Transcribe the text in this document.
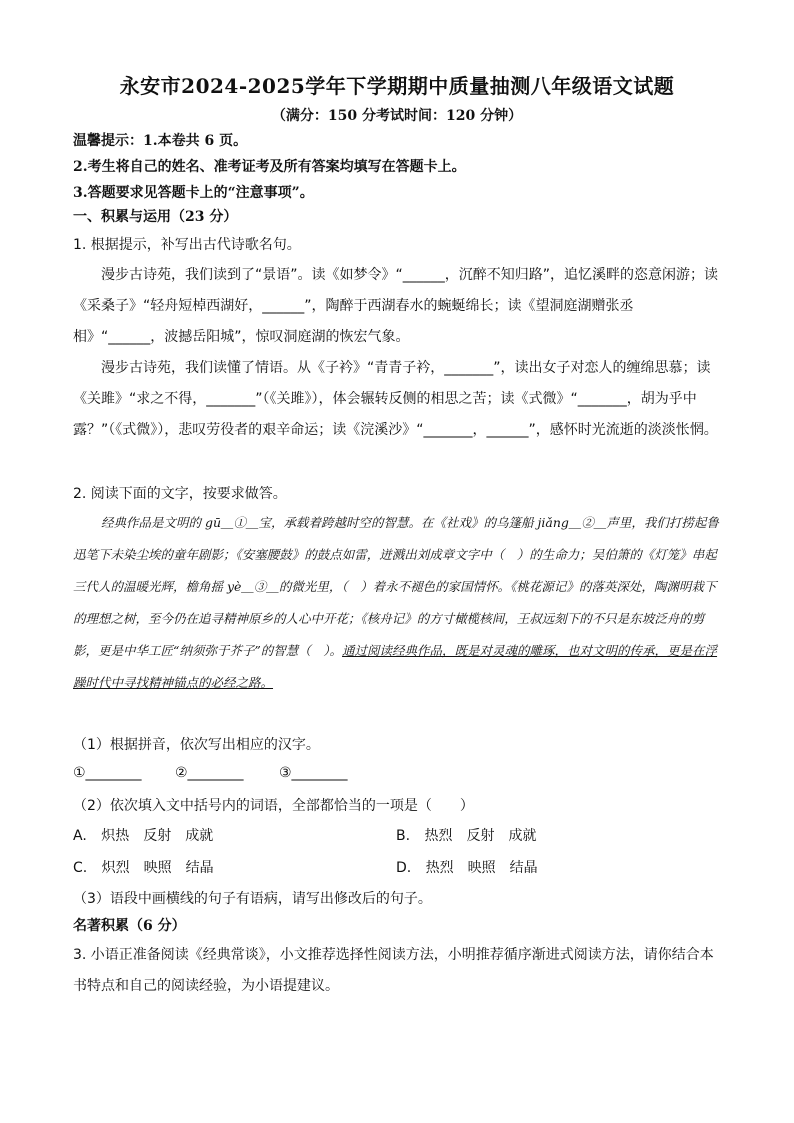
永安市2024-2025学年下学期期中质量抽测八年级语文试题
（满分：150 分考试时间：120 分钟）
温馨提示：1.本卷共 6 页。
2.考生将自己的姓名、准考证考及所有答案均填写在答题卡上。
3.答题要求见答题卡上的“注意事项”。
一、积累与运用（23 分）
1. 根据提示，补写出古代诗歌名句。
漫步古诗苑，我们读到了“景语”。读《如梦令》“______，沉醉不知归路”，追忆溪畔的恣意闲游；读《采桑子》“轻舟短棹西湖好，______”，陶醉于西湖春水的蜿蜒绵长；读《望洞庭湖赠张丞相》“______，波撼岳阳城”，惊叹洞庭湖的恢宏气象。
漫步古诗苑，我们读懂了情语。从《子衿》“青青子衿，_______”，读出女子对恋人的缠绵思慕；读《关雎》“求之不得，_______”（《关雎》），体会辗转反侧的相思之苦；读《式微》“_______，胡为乎中露？”（《式微》），悲叹劳役者的艰辛命运；读《浣溪沙》“_______，______”，感怀时光流逝的淡淡怅惘。
2. 阅读下面的文字，按要求做答。
经典作品是文明的 gū＿①＿宝，承载着跨越时空的智慧。在《社戏》的乌篷船 jiǎng＿②＿声里，我们打捞起鲁迅笔下未染尘埃的童年剧影；《安塞腰鼓》的鼓点如雷，迸溅出刘成章文字中（　）的生命力；吴伯箫的《灯笼》串起三代人的温暖光辉，檐角摇 yè＿③＿的微光里，（　）着永不褪色的家国情怀。《桃花源记》的落英深处，陶渊明栽下的理想之树，至今仍在追寻精神原乡的人心中开花；《核舟记》的方寸橄榄核间，王叔远刻下的不只是东坡泛舟的剪影，更是中华工匠“纳须弥于芥子”的智慧（　）。通过阅读经典作品，既是对灵魂的雕琢，也对文明的传承，更是在浮躁时代中寻找精神锚点的必经之路。
（1）根据拼音，依次写出相应的汉字。
①________ ②________	③________
（2）依次填入文中括号内的词语，全部都恰当的一项是（　　）
A. 炽热　反射　成就	B. 热烈　反射　成就
C. 炽烈　映照　结晶	D. 热烈　映照　结晶
（3）语段中画横线的句子有语病，请写出修改后的句子。
名著积累（6 分）
3. 小语正准备阅读《经典常谈》，小文推荐选择性阅读方法，小明推荐循序渐进式阅读方法，请你结合本书特点和自己的阅读经验，为小语提建议。
